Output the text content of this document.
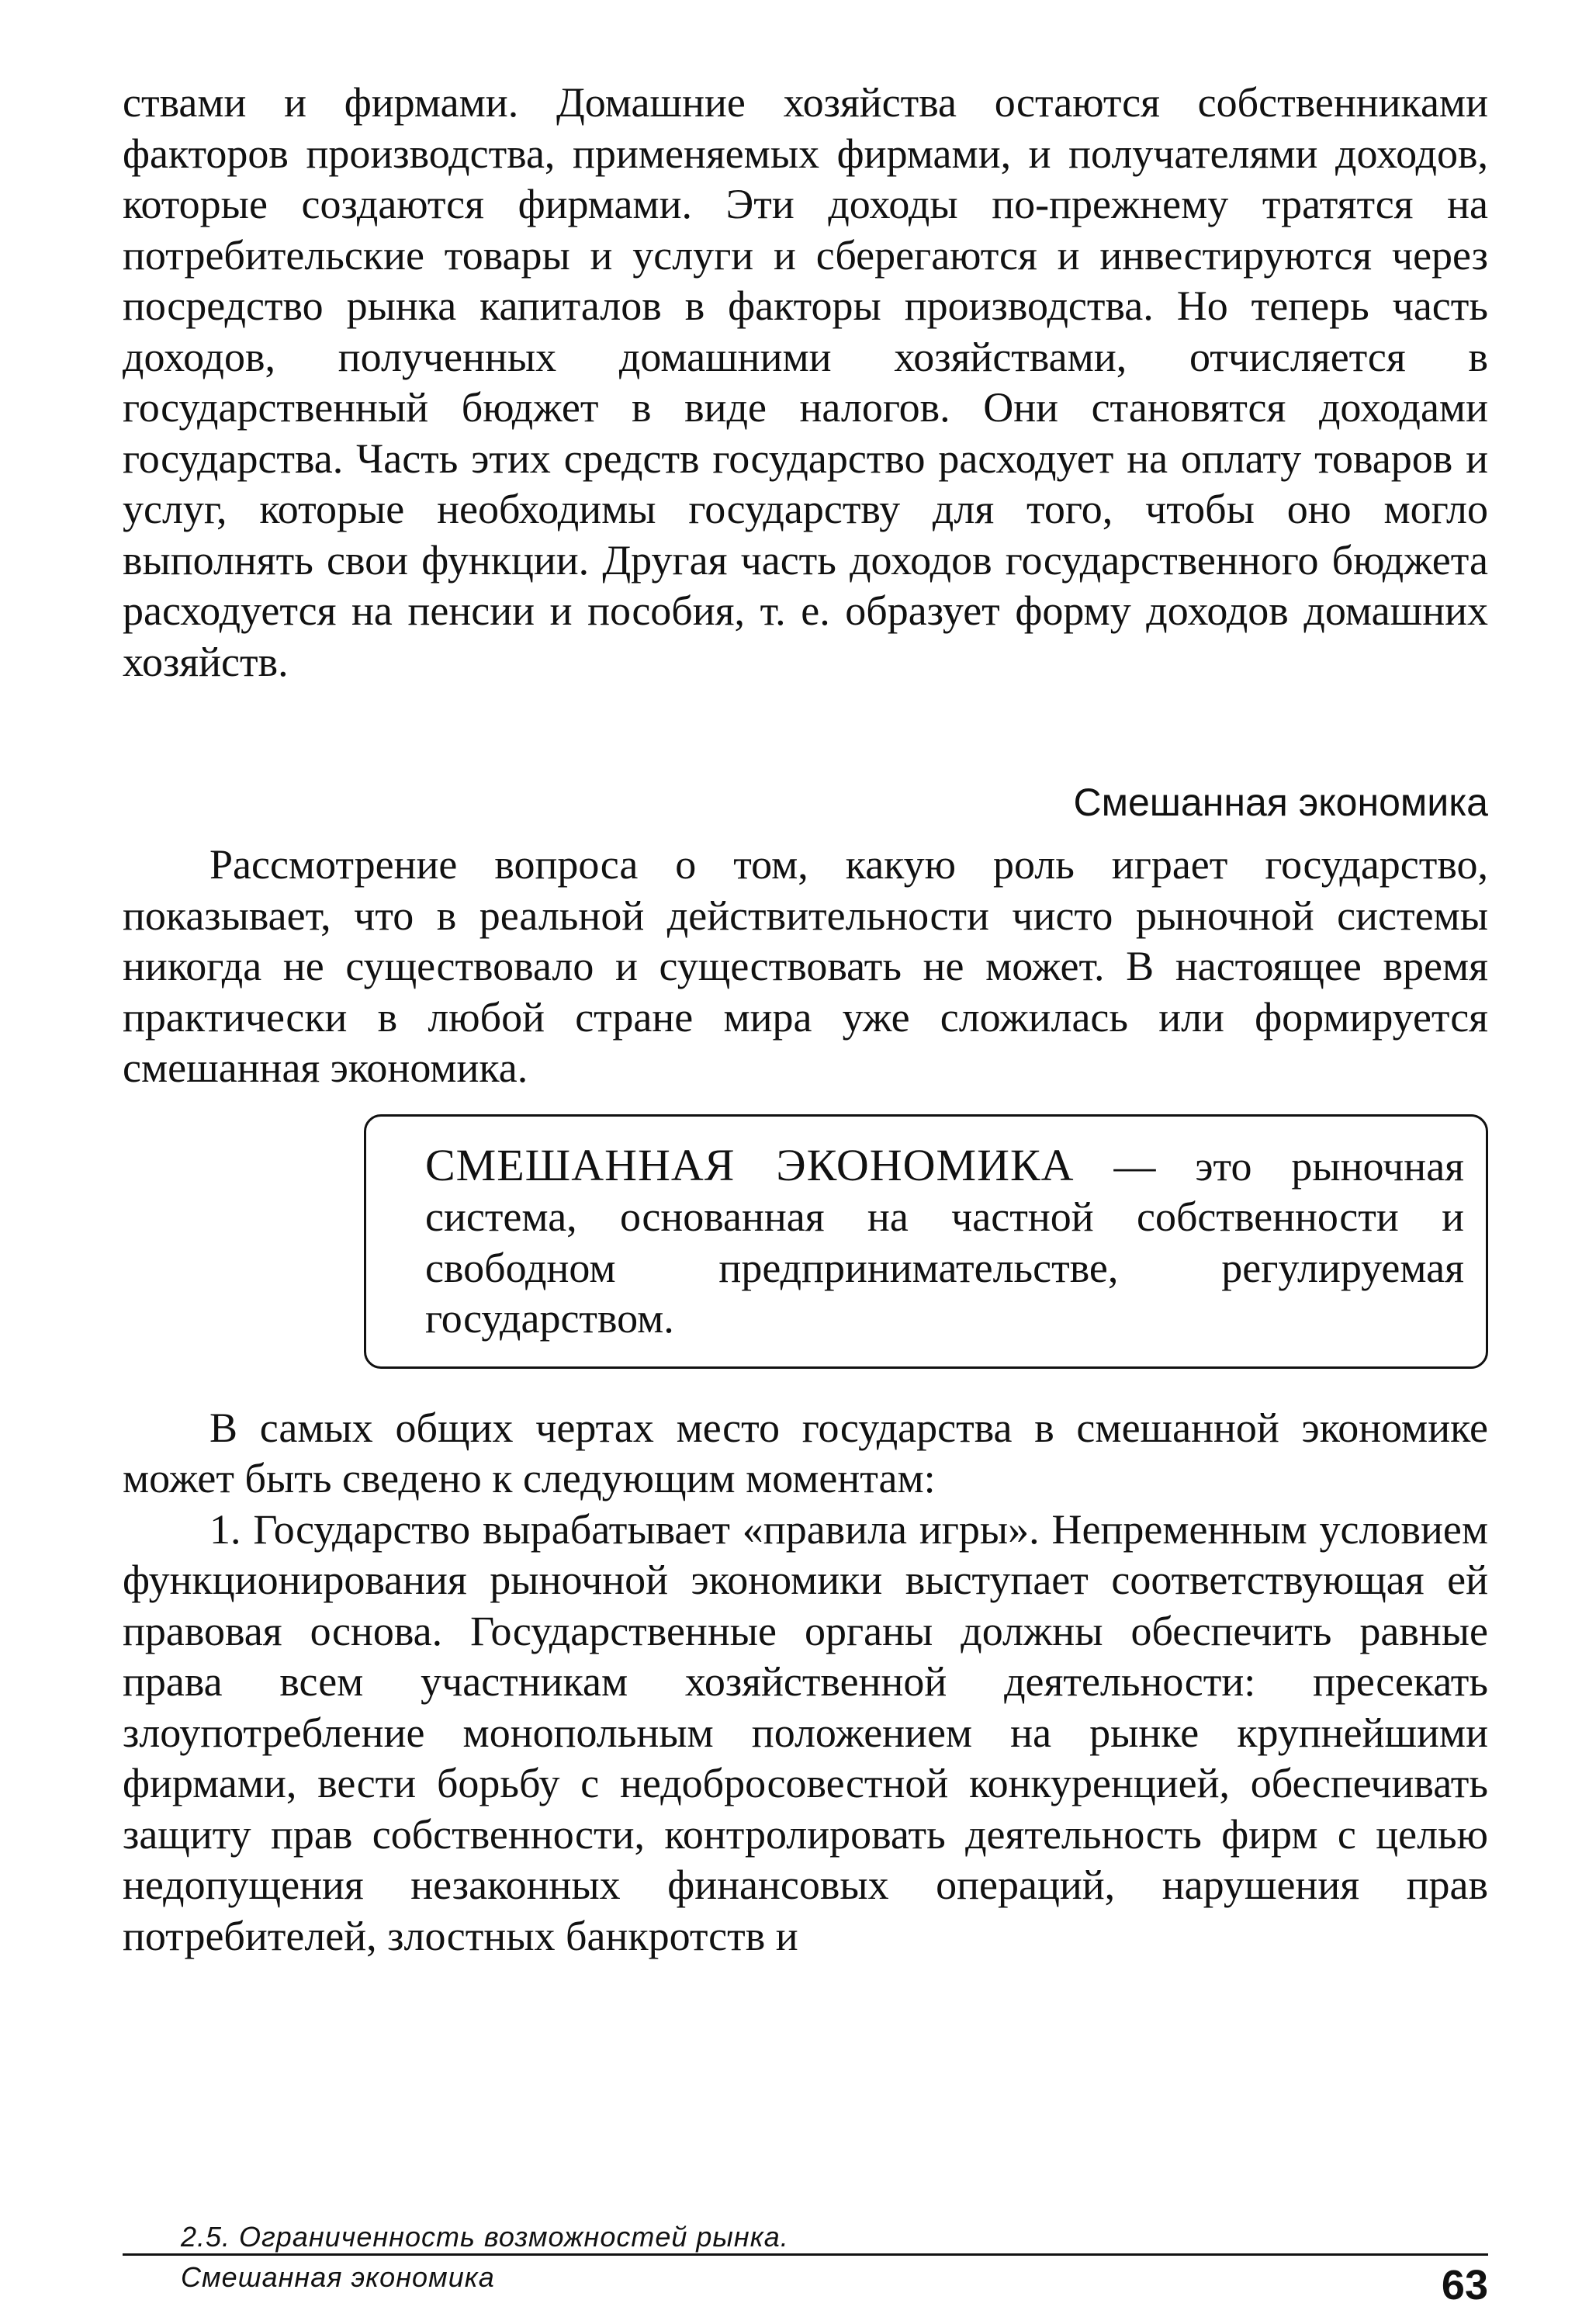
ствами и фирмами. Домашние хозяйства остаются собственниками факторов производства, применяемых фирмами, и получателями доходов, которые создаются фирмами. Эти доходы по-прежнему тратятся на потребительские товары и услуги и сберегаются и инвестируются через посредство рынка капиталов в факторы производства. Но теперь часть доходов, полученных домашними хозяйствами, отчисляется в государственный бюджет в виде налогов. Они становятся доходами государства. Часть этих средств государство расходует на оплату товаров и услуг, которые необходимы государству для того, чтобы оно могло выполнять свои функции. Другая часть доходов государственного бюджета расходуется на пенсии и пособия, т. е. образует форму доходов домашних хозяйств.

Смешанная экономика

Рассмотрение вопроса о том, какую роль играет государство, показывает, что в реальной действительности чисто рыночной системы никогда не существовало и существовать не может. В настоящее время практически в любой стране мира уже сложилась или формируется смешанная экономика.

СМЕШАННАЯ ЭКОНОМИКА — это рыночная система, основанная на частной собственности и свободном предпринимательстве, регулируемая государством.

В самых общих чертах место государства в смешанной экономике может быть сведено к следующим моментам:

1. Государство вырабатывает «правила игры». Непременным условием функционирования рыночной экономики выступает соответствующая ей правовая основа. Государственные органы должны обеспечить равные права всем участникам хозяйственной деятельности: пресекать злоупотребление монопольным положением на рынке крупнейшими фирмами, вести борьбу с недобросовестной конкуренцией, обеспечивать защиту прав собственности, контролировать деятельность фирм с целью недопущения незаконных финансовых операций, нарушения прав потребителей, злостных банкротств и

2.5. Ограниченность возможностей рынка.
Смешанная экономика	63
